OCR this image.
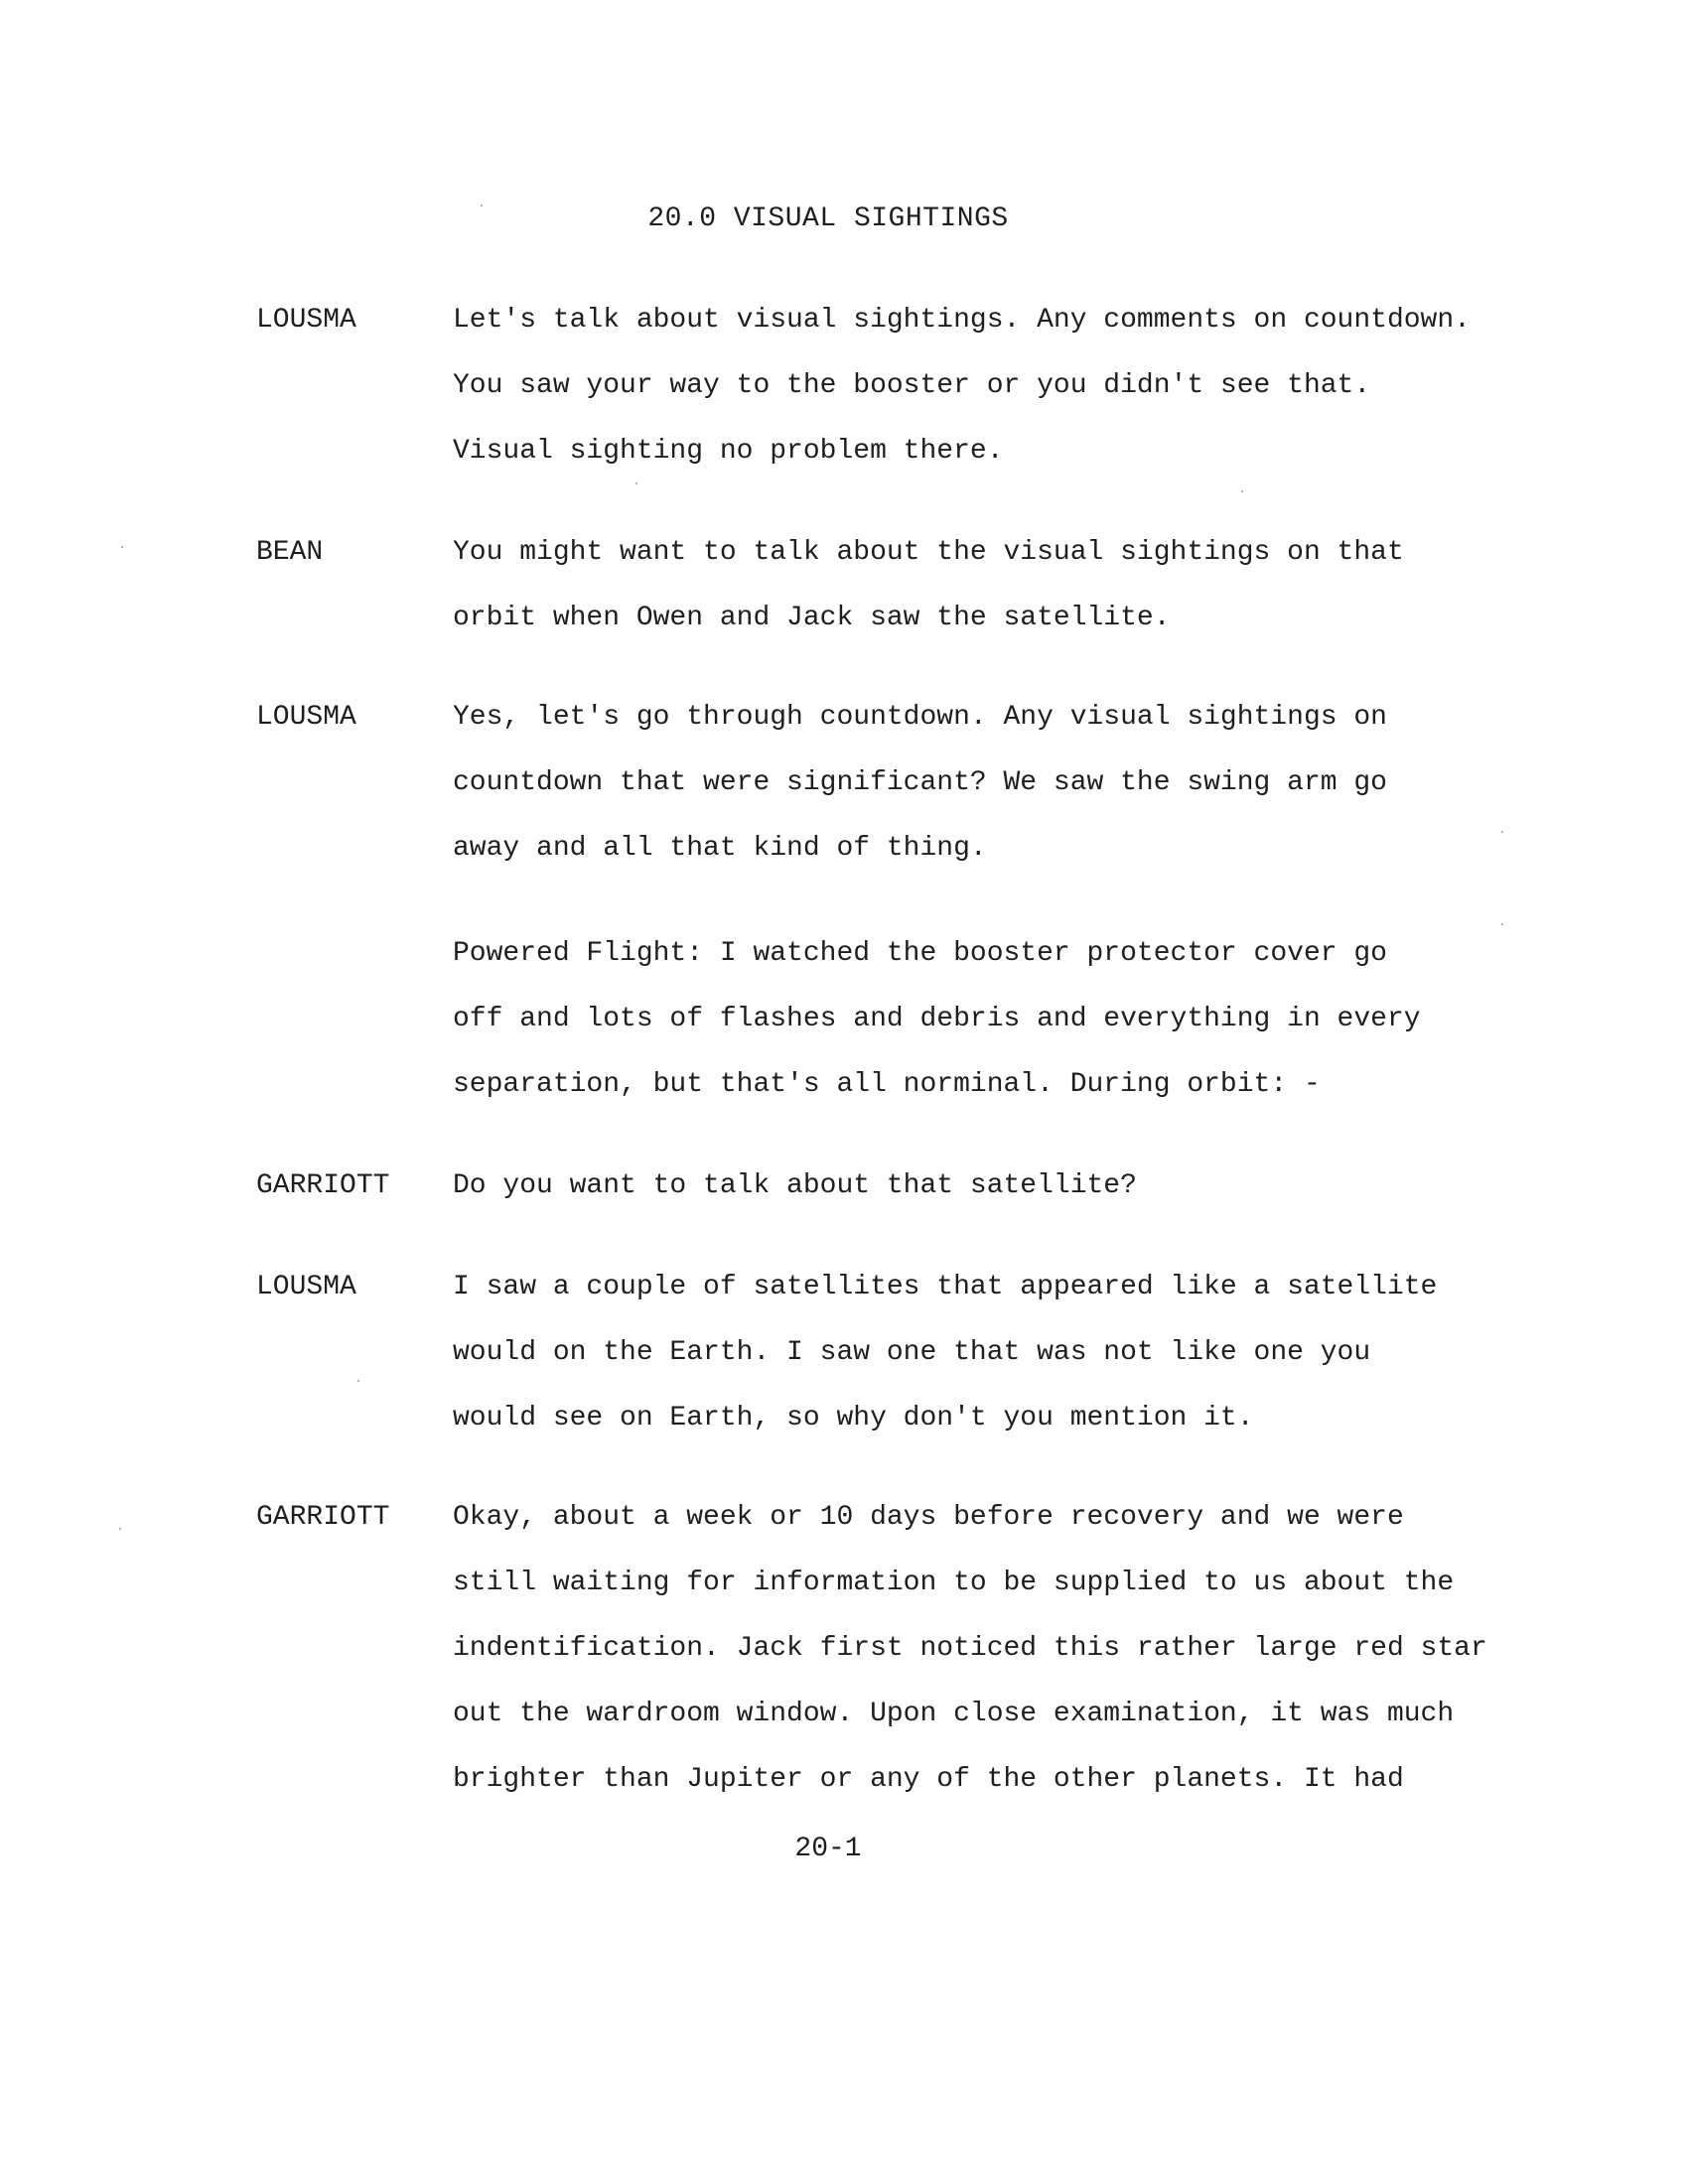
20.0 VISUAL SIGHTINGS
LOUSMA	Let's talk about visual sightings. Any comments on countdown.
You saw your way to the booster or you didn't see that.
Visual sighting no problem there.
BEAN	You might want to talk about the visual sightings on that
orbit when Owen and Jack saw the satellite.
LOUSMA	Yes, let's go through countdown. Any visual sightings on
countdown that were significant? We saw the swing arm go
away and all that kind of thing.
Powered Flight: I watched the booster protector cover go
off and lots of flashes and debris and everything in every
separation, but that's all norminal. During orbit: -
GARRIOTT Do you want to talk about that satellite?
LOUSMA	I saw a couple of satellites that appeared like a satellite
would on the Earth. I saw one that was not like one you
would see on Earth, so why don't you mention it.
GARRIOTT Okay, about a week or 10 days before recovery and we were
still waiting for information to be supplied to us about the
indentification. Jack first noticed this rather large red star
out the wardroom window. Upon close examination, it was much
brighter than Jupiter or any of the other planets. It had
20-1
